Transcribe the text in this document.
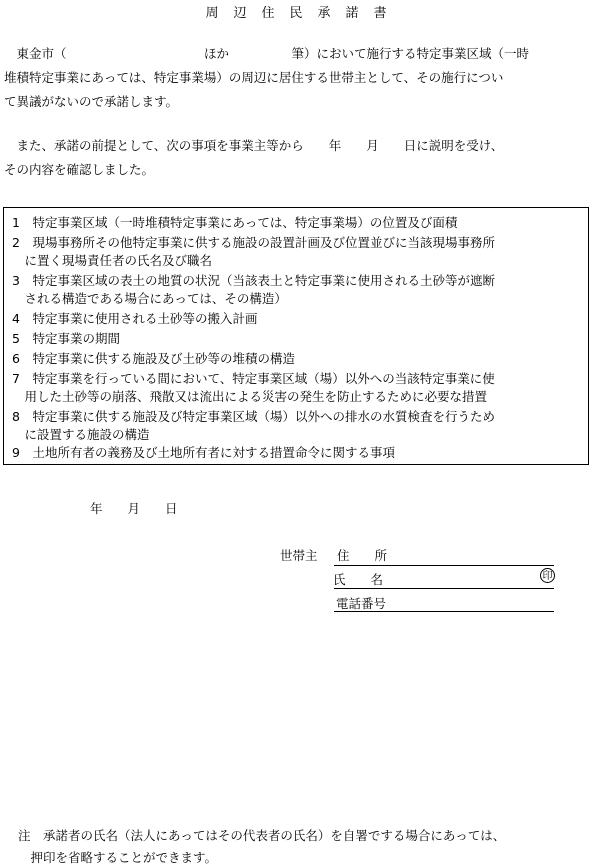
周　辺　住　民　承　諾　書
　東金市（　　　　　　　　　　　ほか　　　　　筆）において施行する特定事業区域（一時
堆積特定事業にあっては、特定事業場）の周辺に居住する世帯主として、その施行につい
て異議がないので承諾します。
　また、承諾の前提として、次の事項を事業主等から　　年　　月　　日に説明を受け、
その内容を確認しました。
1　特定事業区域（一時堆積特定事業にあっては、特定事業場）の位置及び面積
2　現場事務所その他特定事業に供する施設の設置計画及び位置並びに当該現場事務所
　に置く現場責任者の氏名及び職名
3　特定事業区域の表土の地質の状況（当該表土と特定事業に使用される土砂等が遮断
　される構造である場合にあっては、その構造）
4　特定事業に使用される土砂等の搬入計画
5　特定事業の期間
6　特定事業に供する施設及び土砂等の堆積の構造
7　特定事業を行っている間において、特定事業区域（場）以外への当該特定事業に使
　用した土砂等の崩落、飛散又は流出による災害の発生を防止するために必要な措置
8　特定事業に供する施設及び特定事業区域（場）以外への排水の水質検査を行うため
　に設置する施設の構造
9　土地所有者の義務及び土地所有者に対する措置命令に関する事項
年　　月　　日
世帯主 住　　所
氏　　名	印
電話番号
注　承諾者の氏名（法人にあってはその代表者の氏名）を自署でする場合にあっては、
　押印を省略することができます。
